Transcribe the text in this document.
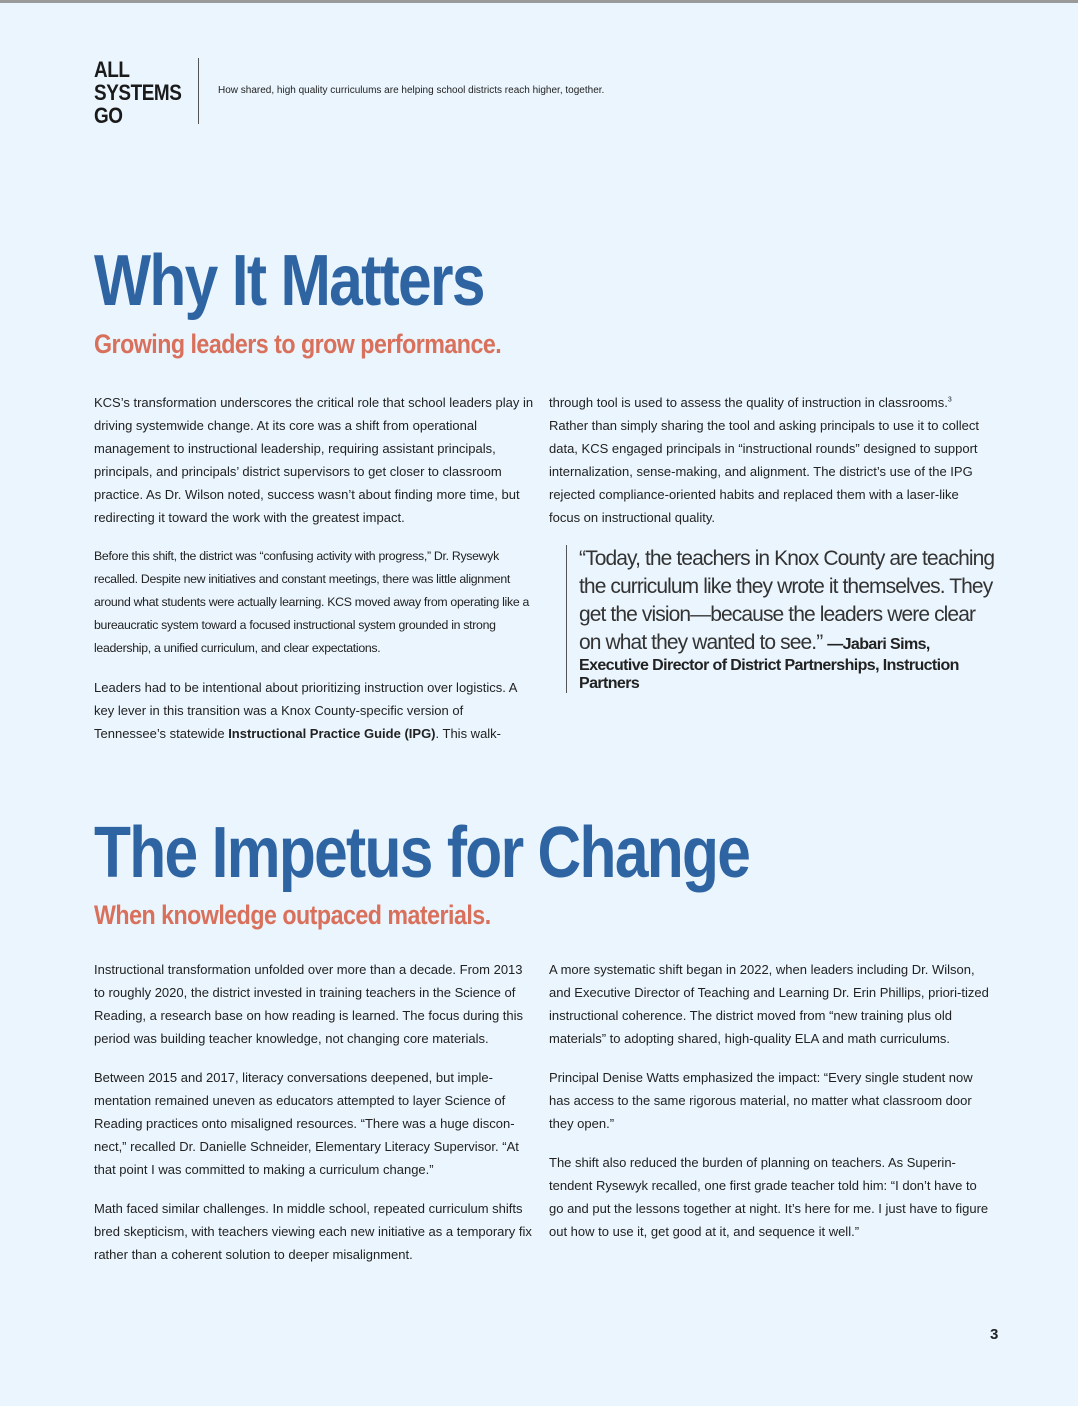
ALL
SYSTEMS
GO
How shared, high quality curriculums are helping school districts reach higher, together.
Why It Matters
Growing leaders to grow performance.

KCS’s transformation underscores the critical role that school leaders play in driving systemwide change. At its core was a shift from operational management to instructional leadership, requiring assistant principals, principals, and principals’ district supervisors to get closer to classroom practice. As Dr. Wilson noted, success wasn’t about finding more time, but redirecting it toward the work with the greatest impact.

Before this shift, the district was “confusing activity with progress,” Dr. Rysewyk recalled. Despite new initiatives and constant meetings, there was little alignment around what students were actually learning. KCS moved away from operating like a bureaucratic system toward a focused instructional system grounded in strong leadership, a unified curriculum, and clear expectations.

Leaders had to be intentional about prioritizing instruction over logistics. A key lever in this transition was a Knox County-specific version of Tennessee’s statewide Instructional Practice Guide (IPG). This walk-

through tool is used to assess the quality of instruction in classrooms.$^3$ Rather than simply sharing the tool and asking principals to use it to collect data, KCS engaged principals in “instructional rounds” designed to support internalization, sense-making, and alignment. The district’s use of the IPG rejected compliance-oriented habits and replaced them with a laser-like focus on instructional quality.

“Today, the teachers in Knox County are teaching the curriculum like they wrote it themselves. They get the vision—because the leaders were clear on what they wanted to see.” —Jabari Sims, Executive Director of District Partnerships, Instruction Partners
The Impetus for Change
When knowledge outpaced materials.

Instructional transformation unfolded over more than a decade. From 2013 to roughly 2020, the district invested in training teachers in the Science of Reading, a research base on how reading is learned. The focus during this period was building teacher knowledge, not changing core materials.

Between 2015 and 2017, literacy conversations deepened, but imple-mentation remained uneven as educators attempted to layer Science of Reading practices onto misaligned resources. “There was a huge discon-nect,” recalled Dr. Danielle Schneider, Elementary Literacy Supervisor. “At that point I was committed to making a curriculum change.”

Math faced similar challenges. In middle school, repeated curriculum shifts bred skepticism, with teachers viewing each new initiative as a temporary fix rather than a coherent solution to deeper misalignment.

A more systematic shift began in 2022, when leaders including Dr. Wilson, and Executive Director of Teaching and Learning Dr. Erin Phillips, priori-tized instructional coherence. The district moved from “new training plus old materials” to adopting shared, high-quality ELA and math curriculums.

Principal Denise Watts emphasized the impact: “Every single student now has access to the same rigorous material, no matter what classroom door they open.”

The shift also reduced the burden of planning on teachers. As Superin-tendent Rysewyk recalled, one first grade teacher told him: “I don’t have to go and put the lessons together at night. It’s here for me. I just have to figure out how to use it, get good at it, and sequence it well.”

3
